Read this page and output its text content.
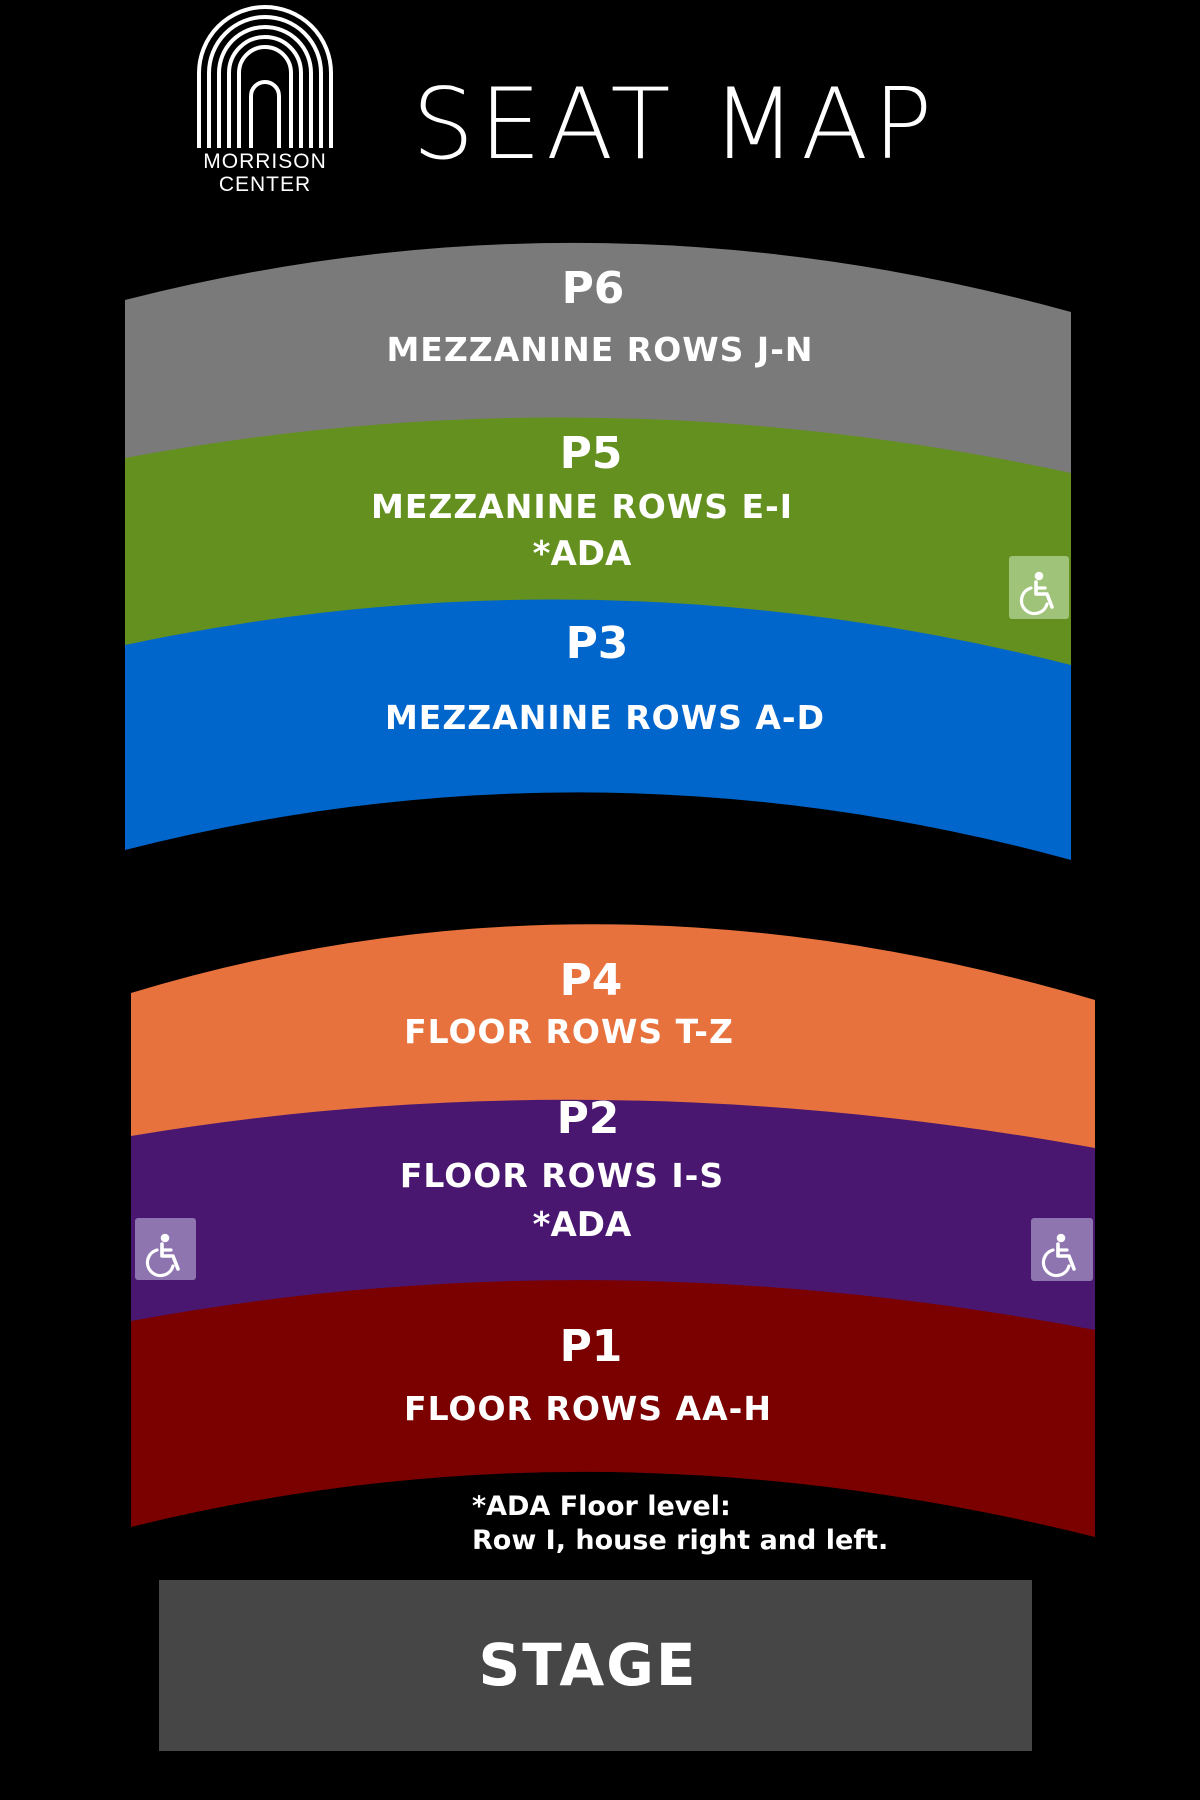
MORRISON
CENTER
SEAT MAP
P6
MEZZANINE ROWS J-N
P5
MEZZANINE ROWS E-I
*ADA
P3
MEZZANINE ROWS A-D
P4
FLOOR ROWS T-Z
P2
FLOOR ROWS I-S
*ADA
P1
FLOOR ROWS AA-H
*ADA Floor level:
Row I, house right and left.
STAGE
